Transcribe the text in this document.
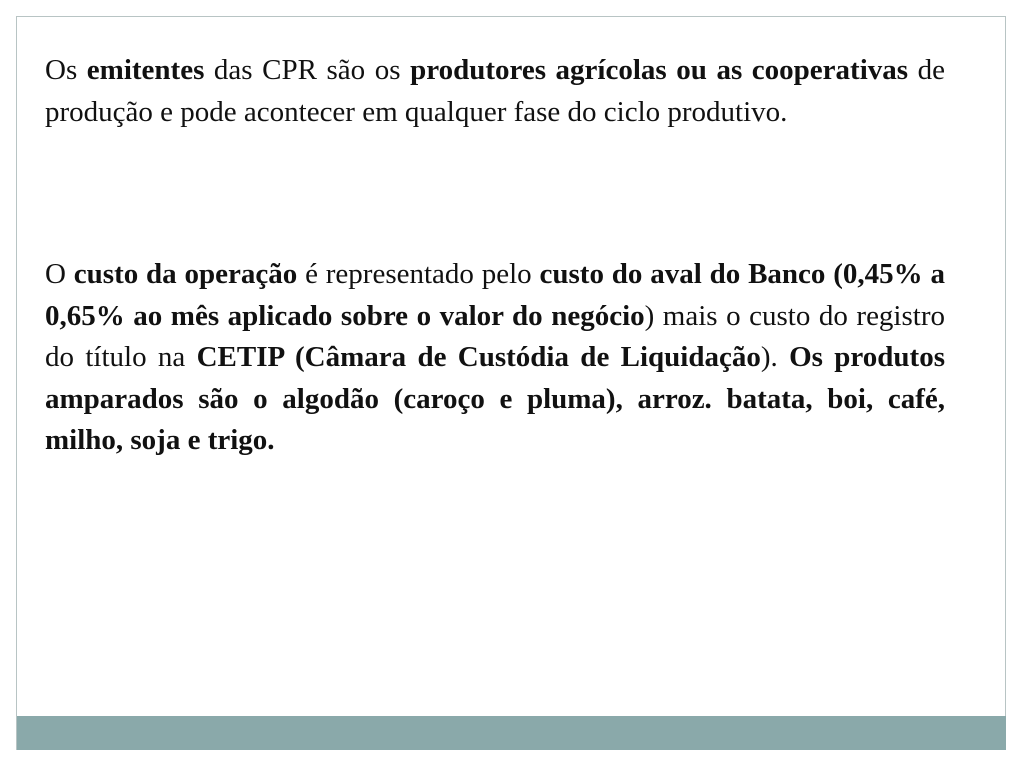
Os emitentes das CPR são os produtores agrícolas ou as cooperativas de produção e pode acontecer em qualquer fase do ciclo produtivo.

O custo da operação é representado pelo custo do aval do Banco (0,45% a 0,65% ao mês aplicado sobre o valor do negócio) mais o custo do registro do título na CETIP (Câmara de Custódia de Liquidação). Os produtos amparados são o algodão (caroço e pluma), arroz. batata, boi, café, milho, soja e trigo.
